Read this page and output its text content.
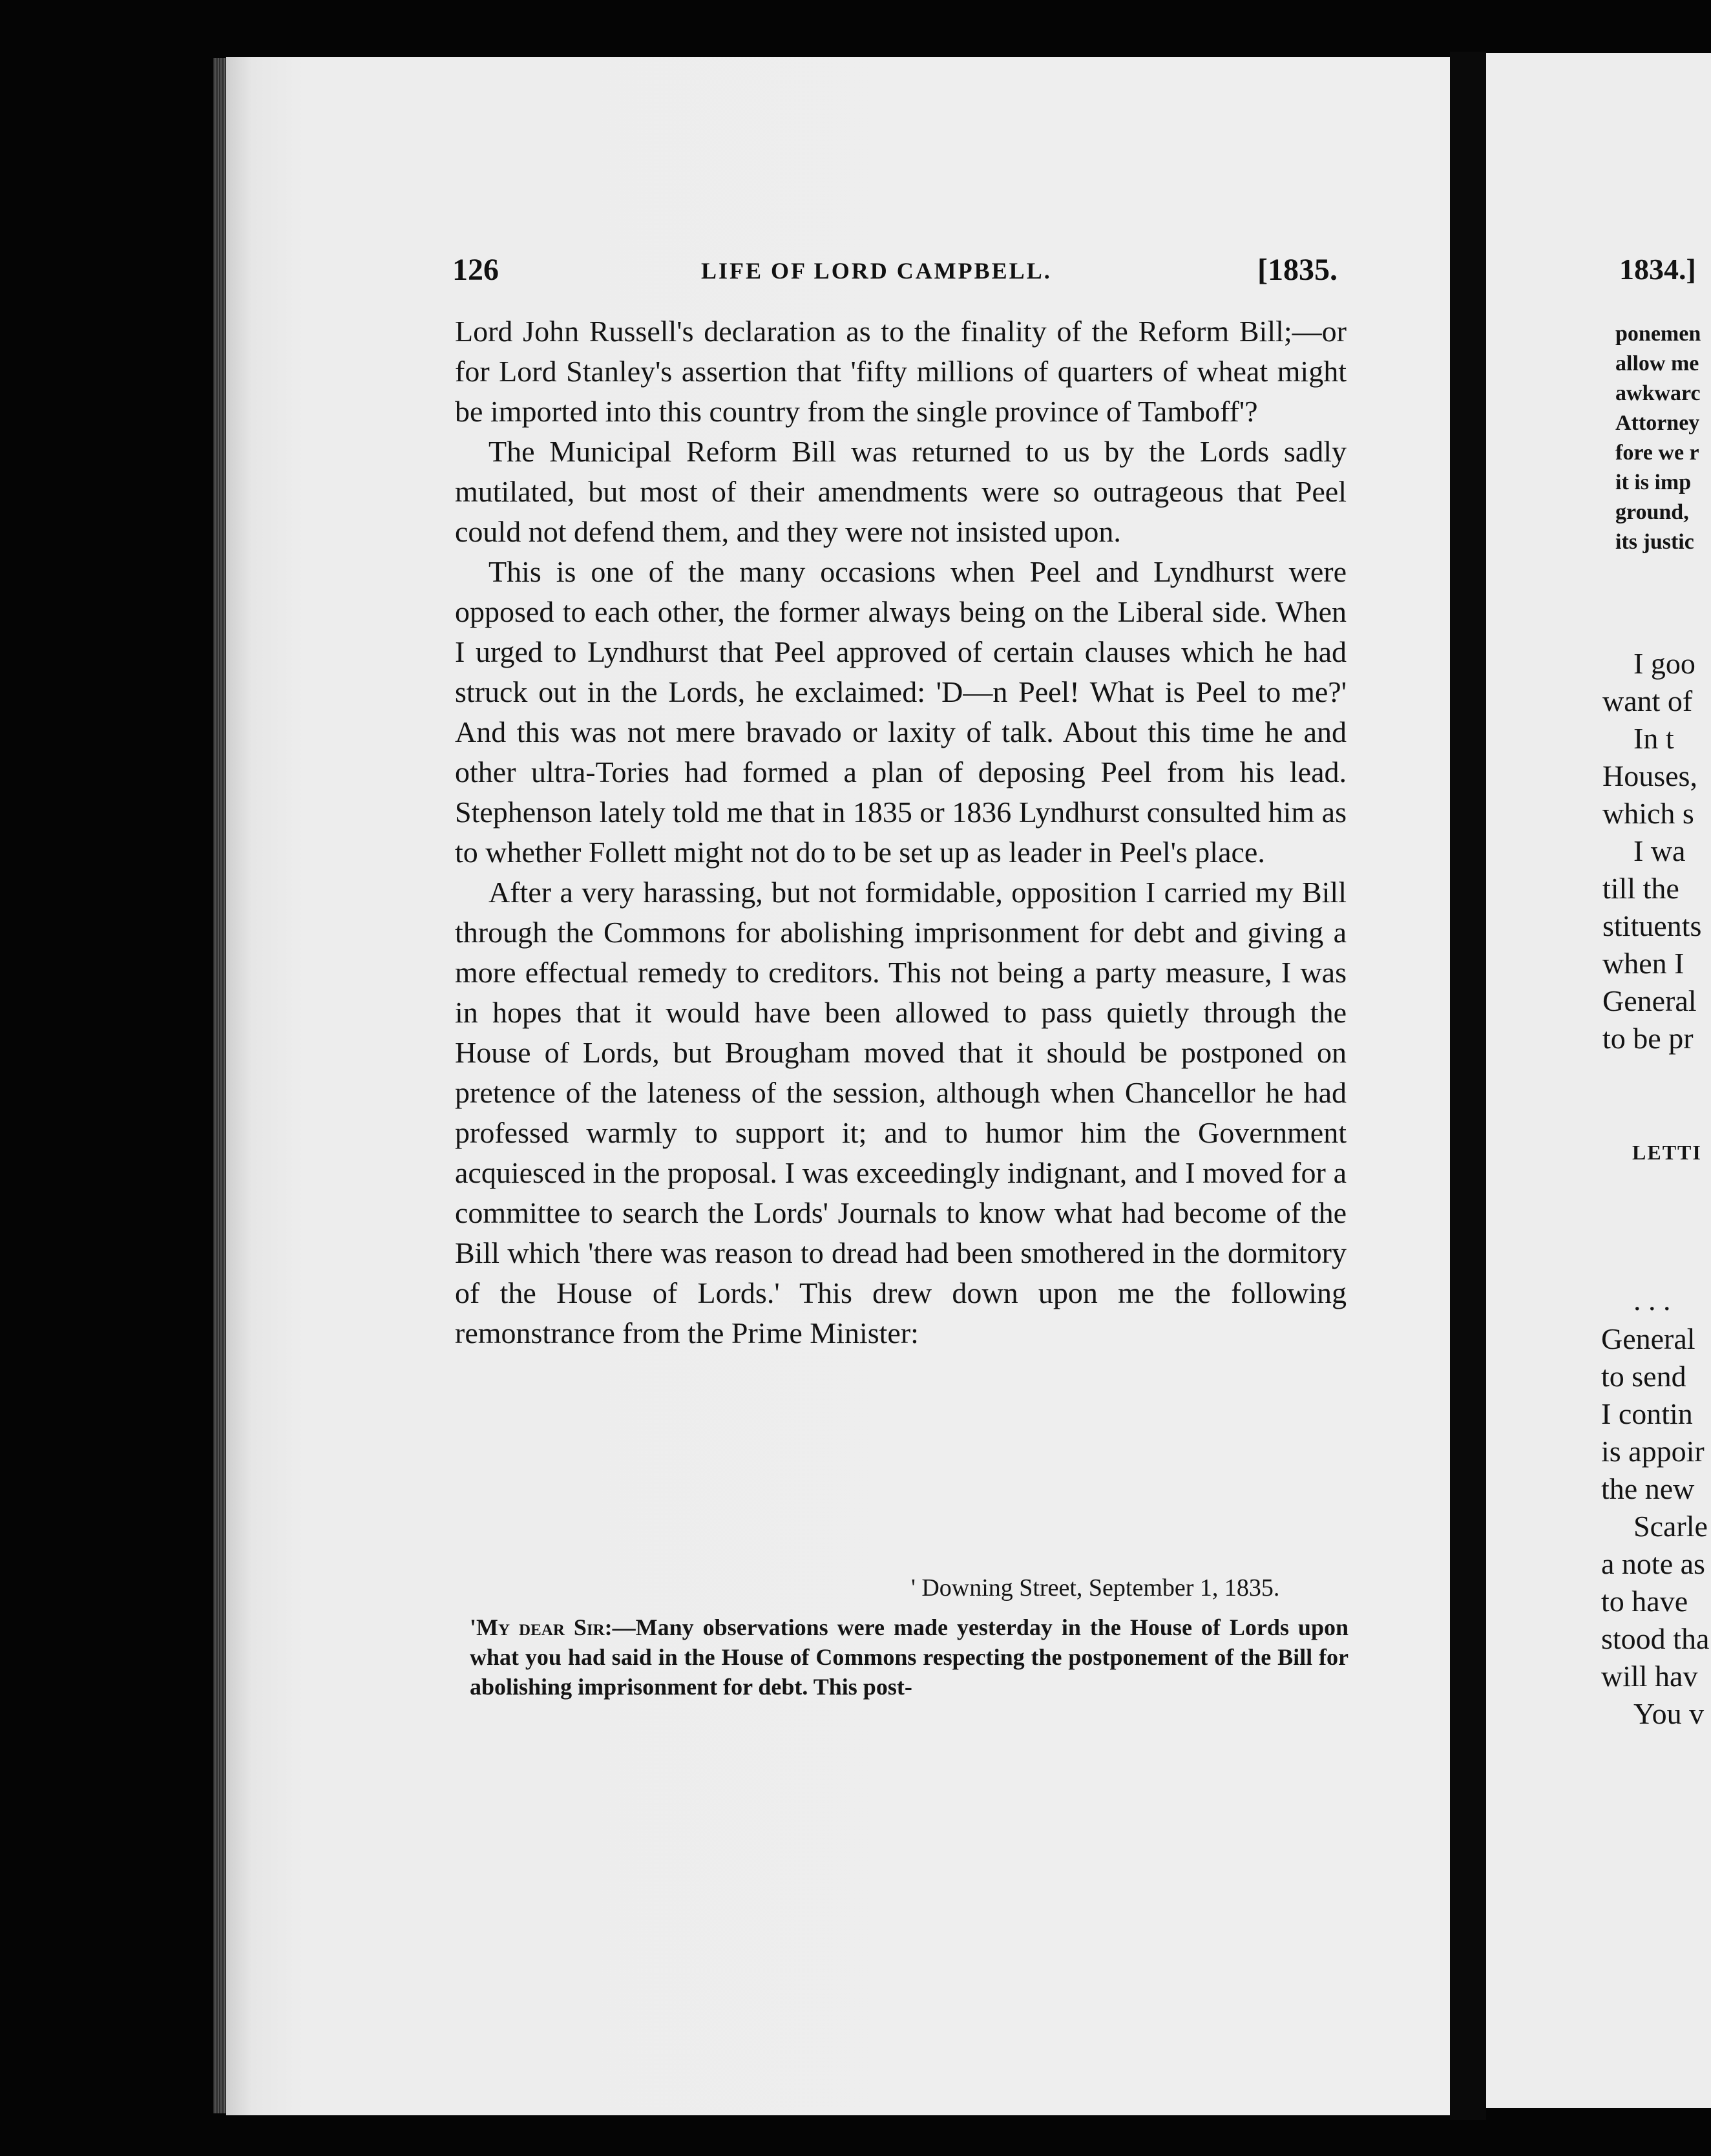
126	LIFE OF LORD CAMPBELL.	[1835.

Lord John Russell's declaration as to the finality of the Reform Bill;—or for Lord Stanley's assertion that 'fifty millions of quarters of wheat might be imported into this country from the single province of Tamboff'?

The Municipal Reform Bill was returned to us by the Lords sadly mutilated, but most of their amendments were so outrageous that Peel could not defend them, and they were not insisted upon.

This is one of the many occasions when Peel and Lyndhurst were opposed to each other, the former always being on the Liberal side. When I urged to Lyndhurst that Peel approved of certain clauses which he had struck out in the Lords, he exclaimed: 'D—n Peel! What is Peel to me?' And this was not mere bravado or laxity of talk. About this time he and other ultra-Tories had formed a plan of deposing Peel from his lead. Stephenson lately told me that in 1835 or 1836 Lyndhurst consulted him as to whether Follett might not do to be set up as leader in Peel's place.

After a very harassing, but not formidable, opposition I carried my Bill through the Commons for abolishing imprisonment for debt and giving a more effectual remedy to creditors. This not being a party measure, I was in hopes that it would have been allowed to pass quietly through the House of Lords, but Brougham moved that it should be postponed on pretence of the lateness of the session, although when Chancellor he had professed warmly to support it; and to humor him the Government acquiesced in the proposal. I was exceedingly indignant, and I moved for a committee to search the Lords' Journals to know what had become of the Bill which 'there was reason to dread had been smothered in the dormitory of the House of Lords.' This drew down upon me the following remonstrance from the Prime Minister:

' Downing Street, September 1, 1835.
'My dear Sir:—Many observations were made yesterday in the House of Lords upon what you had said in the House of Commons respecting the postponement of the Bill for abolishing imprisonment for debt. This post-
1834.]
ponemen
allow me
awkwarc
Attorney
fore we r
it is imp
ground,
its justic
I goo
want of
In t
Houses,
which s
I wa
till the
stituents
when I
General
to be pr
LETTI
. . .
General
to send
I contin
is appoir
the new
Scarle
a note as
to have
stood tha
will hav
You v
